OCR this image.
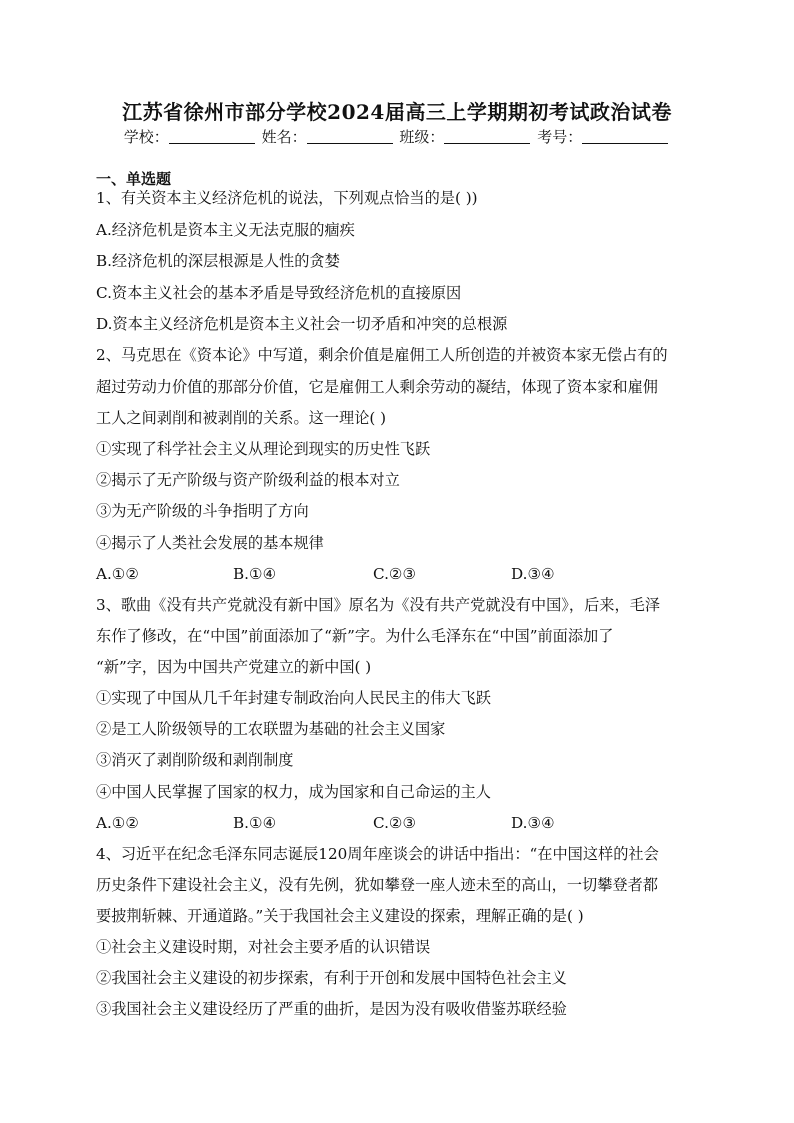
江苏省徐州市部分学校2024届高三上学期期初考试政治试卷
学校：	姓名：	班级：	考号：
一、单选题
1、有关资本主义经济危机的说法，下列观点恰当的是( ))
A.经济危机是资本主义无法克服的痼疾
B.经济危机的深层根源是人性的贪婪
C.资本主义社会的基本矛盾是导致经济危机的直接原因
D.资本主义经济危机是资本主义社会一切矛盾和冲突的总根源
2、马克思在《资本论》中写道，剩余价值是雇佣工人所创造的并被资本家无偿占有的
超过劳动力价值的那部分价值，它是雇佣工人剩余劳动的凝结，体现了资本家和雇佣
工人之间剥削和被剥削的关系。这一理论( )
①实现了科学社会主义从理论到现实的历史性飞跃
②揭示了无产阶级与资产阶级利益的根本对立
③为无产阶级的斗争指明了方向
④揭示了人类社会发展的基本规律
A.①②	B.①④	C.②③	D.③④
3、歌曲《没有共产党就没有新中国》原名为《没有共产党就没有中国》，后来，毛泽
东作了修改，在“中国”前面添加了“新”字。为什么毛泽东在“中国”前面添加了
“新”字，因为中国共产党建立的新中国( )
①实现了中国从几千年封建专制政治向人民民主的伟大飞跃
②是工人阶级领导的工农联盟为基础的社会主义国家
③消灭了剥削阶级和剥削制度
④中国人民掌握了国家的权力，成为国家和自己命运的主人
A.①②	B.①④	C.②③	D.③④
4、习近平在纪念毛泽东同志诞辰120周年座谈会的讲话中指出：“在中国这样的社会
历史条件下建设社会主义，没有先例，犹如攀登一座人迹未至的高山，一切攀登者都
要披荆斩棘、开通道路。”关于我国社会主义建设的探索，理解正确的是( )
①社会主义建设时期，对社会主要矛盾的认识错误
②我国社会主义建设的初步探索，有利于开创和发展中国特色社会主义
③我国社会主义建设经历了严重的曲折，是因为没有吸收借鉴苏联经验
